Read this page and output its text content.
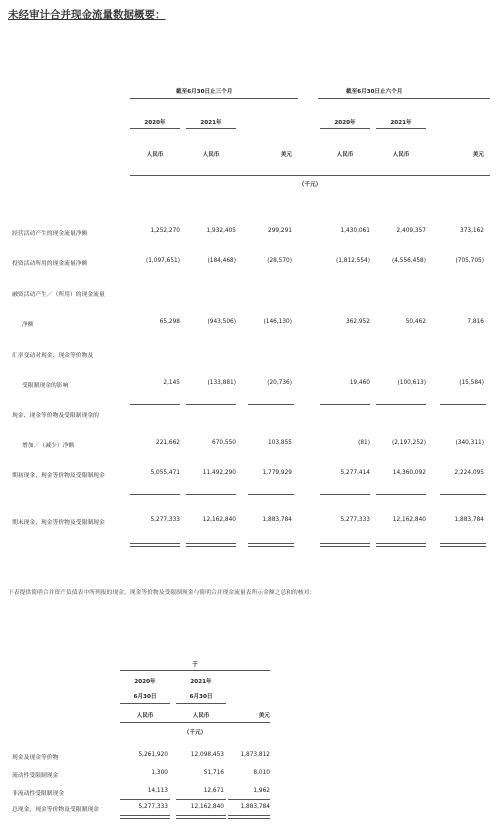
未经审计合并现金流量数据概要：
截至6月30日止三个月	截至6月30日止六个月
2020年	2021年	2020年	2021年
人民币	人民币	美元	人民币	人民币	美元
（千元）
经营活动产生的现金流量净额	1,252,270	1,932,405	299,291	1,430,061	2,409,357	373,162
投资活动所用的现金流量净额	(1,097,651)	(184,468)	(28,570)	(1,812,554)	(4,556,458)	(705,705)
融资活动产生／（所用）的现金流量
净额	65,298	(943,506)	(146,130)	362,952	50,462	7,816
汇率变动对现金、现金等价物及
受限制现金的影响	2,145	(133,881)	(20,736)	19,460	(100,613)	(15,584)
现金、现金等价物及受限制现金的
增加／（减少）净额	221,662	670,550	103,855	(81)	(2,197,252)	(340,311)
期初现金、现金等价物及受限制现金	5,055,471	11,492,290	1,779,929	5,277,414	14,360,092	2,224,095
期末现金、现金等价物及受限制现金	5,277,333	12,162,840	1,883,784	5,277,333	12,162,840	1,883,784
下表提供简明合并资产负债表中所列报的现金、现金等价物及受限制现金与简明合并现金流量表所示金额之总和的核对：
于
2020年	2021年
6月30日	6月30日
人民币	人民币	美元
（千元）
现金及现金等价物	5,261,920	12,098,453	1,873,812
流动性受限制现金	1,300	51,716	8,010
非流动性受限制现金	14,113	12,671	1,962
总现金、现金等价物及受限制现金	5,277,333	12,162,840	1,883,784
